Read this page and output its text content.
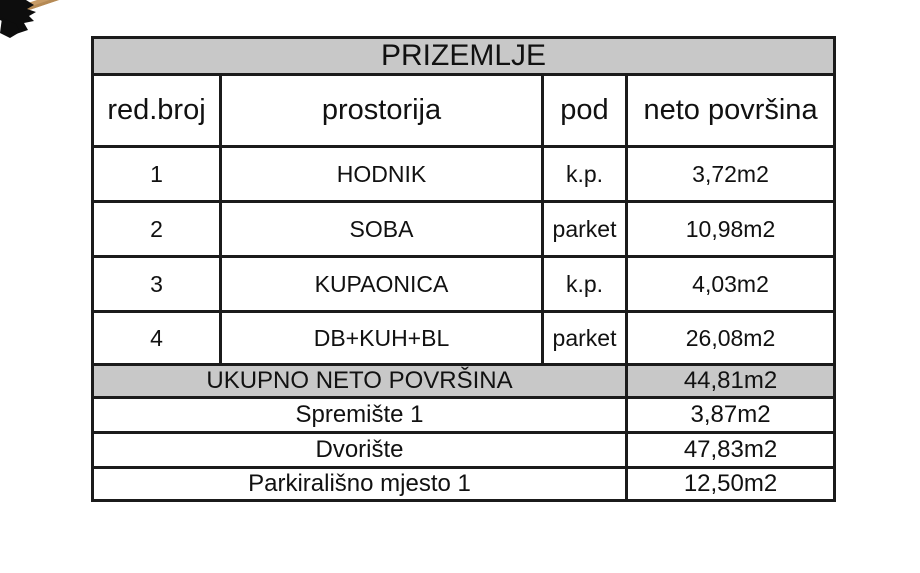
PRIZEMLJE			
red.broj	prostorija	pod	neto površina
1	HODNIK	k.p.	3,72m2
2	SOBA	parket	10,98m2
3	KUPAONICA	k.p.	4,03m2
4	DB+KUH+BL	parket	26,08m2
UKUPNO NETO POVRŠINA			44,81m2
Spremište 1			3,87m2
Dvorište			47,83m2
Parkirališno mjesto 1			12,50m2
